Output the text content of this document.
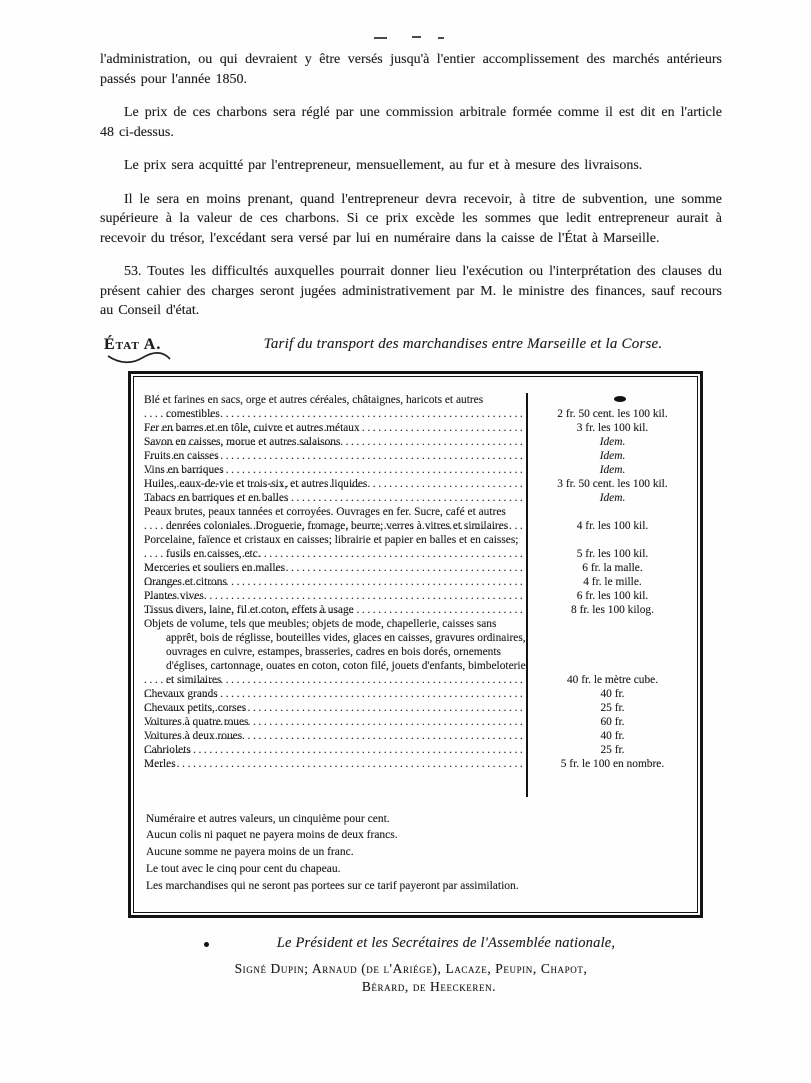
l'administration, ou qui devraient y être versés jusqu'à l'entier accomplissement des marchés antérieurs passés pour l'année 1850.

Le prix de ces charbons sera réglé par une commission arbitrale formée comme il est dit en l'article 48 ci-dessus.

Le prix sera acquitté par l'entrepreneur, mensuellement, au fur et à mesure des livraisons.

Il le sera en moins prenant, quand l'entrepreneur devra recevoir, à titre de subvention, une somme supérieure à la valeur de ces charbons. Si ce prix excède les sommes que ledit entrepreneur aurait à recevoir du trésor, l'excédant sera versé par lui en numéraire dans la caisse de l'État à Marseille.

53. Toutes les difficultés auxquelles pourrait donner lieu l'exécution ou l'interprétation des clauses du présent cahier des charges seront jugées administrativement par M. le ministre des finances, sauf recours au Conseil d'état.

État A.	Tarif du transport des marchandises entre Marseille et la Corse.
Blé et farines en sacs, orge et autres céréales, châtaignes, haricots et autres comestibles	2 fr. 50 cent. les 100 kil.
Fer en barres et en tôle, cuivre et autres métaux	3 fr. les 100 kil.
Savon en caisses, morue et autres salaisons	Idem.
Fruits en caisses	Idem.
Vins en barriques	Idem.
Huiles, eaux-de-vie et trois-six, et autres liquides	3 fr. 50 cent. les 100 kil.
Tabacs en barriques et en balles	Idem.
Peaux brutes, peaux tannées et corroyées. Ouvrages en fer. Sucre, café et autres denrées coloniales. Droguerie, fromage, beurre; verres à vitres et similaires	4 fr. les 100 kil.
Porcelaine, faïence et cristaux en caisses; librairie et papier en balles et en caisses; fusils en caisses, etc.	5 fr. les 100 kil.
Merceries et souliers en malles	6 fr. la malle.
Oranges et citrons	4 fr. le mille.
Plantes vives	6 fr. les 100 kil.
Tissus divers, laine, fil et coton, effets à usage	8 fr. les 100 kilog.
Objets de volume, tels que meubles; objets de mode, chapellerie, caisses sans apprêt, bois de réglisse, bouteilles vides, glaces en caisses, gravures ordinaires, ouvrages en cuivre, estampes, brasseries, cadres en bois dorés, ornements d'églises, cartonnage, ouates en coton, coton filé, jouets d'enfants, bimbeloterie et similaires	40 fr. le mètre cube.
Chevaux grands	40 fr.
Chevaux petits, corses	25 fr.
Voitures à quatre roues	60 fr.
Voitures à deux roues	40 fr.
Cabriolets	25 fr.
Merles	5 fr. le 100 en nombre.
Numéraire et autres valeurs, un cinquième pour cent.
Aucun colis ni paquet ne payera moins de deux francs.
Aucune somme ne payera moins de un franc.
Le tout avec le cinq pour cent du chapeau.
Les marchandises qui ne seront pas portees sur ce tarif payeront par assimilation.
Le Président et les Secrétaires de l'Assemblée nationale,
Signé Dupin; Arnaud (de l'Ariége), Lacaze, Peupin, Chapot,
Bérard, de Heeckeren.
